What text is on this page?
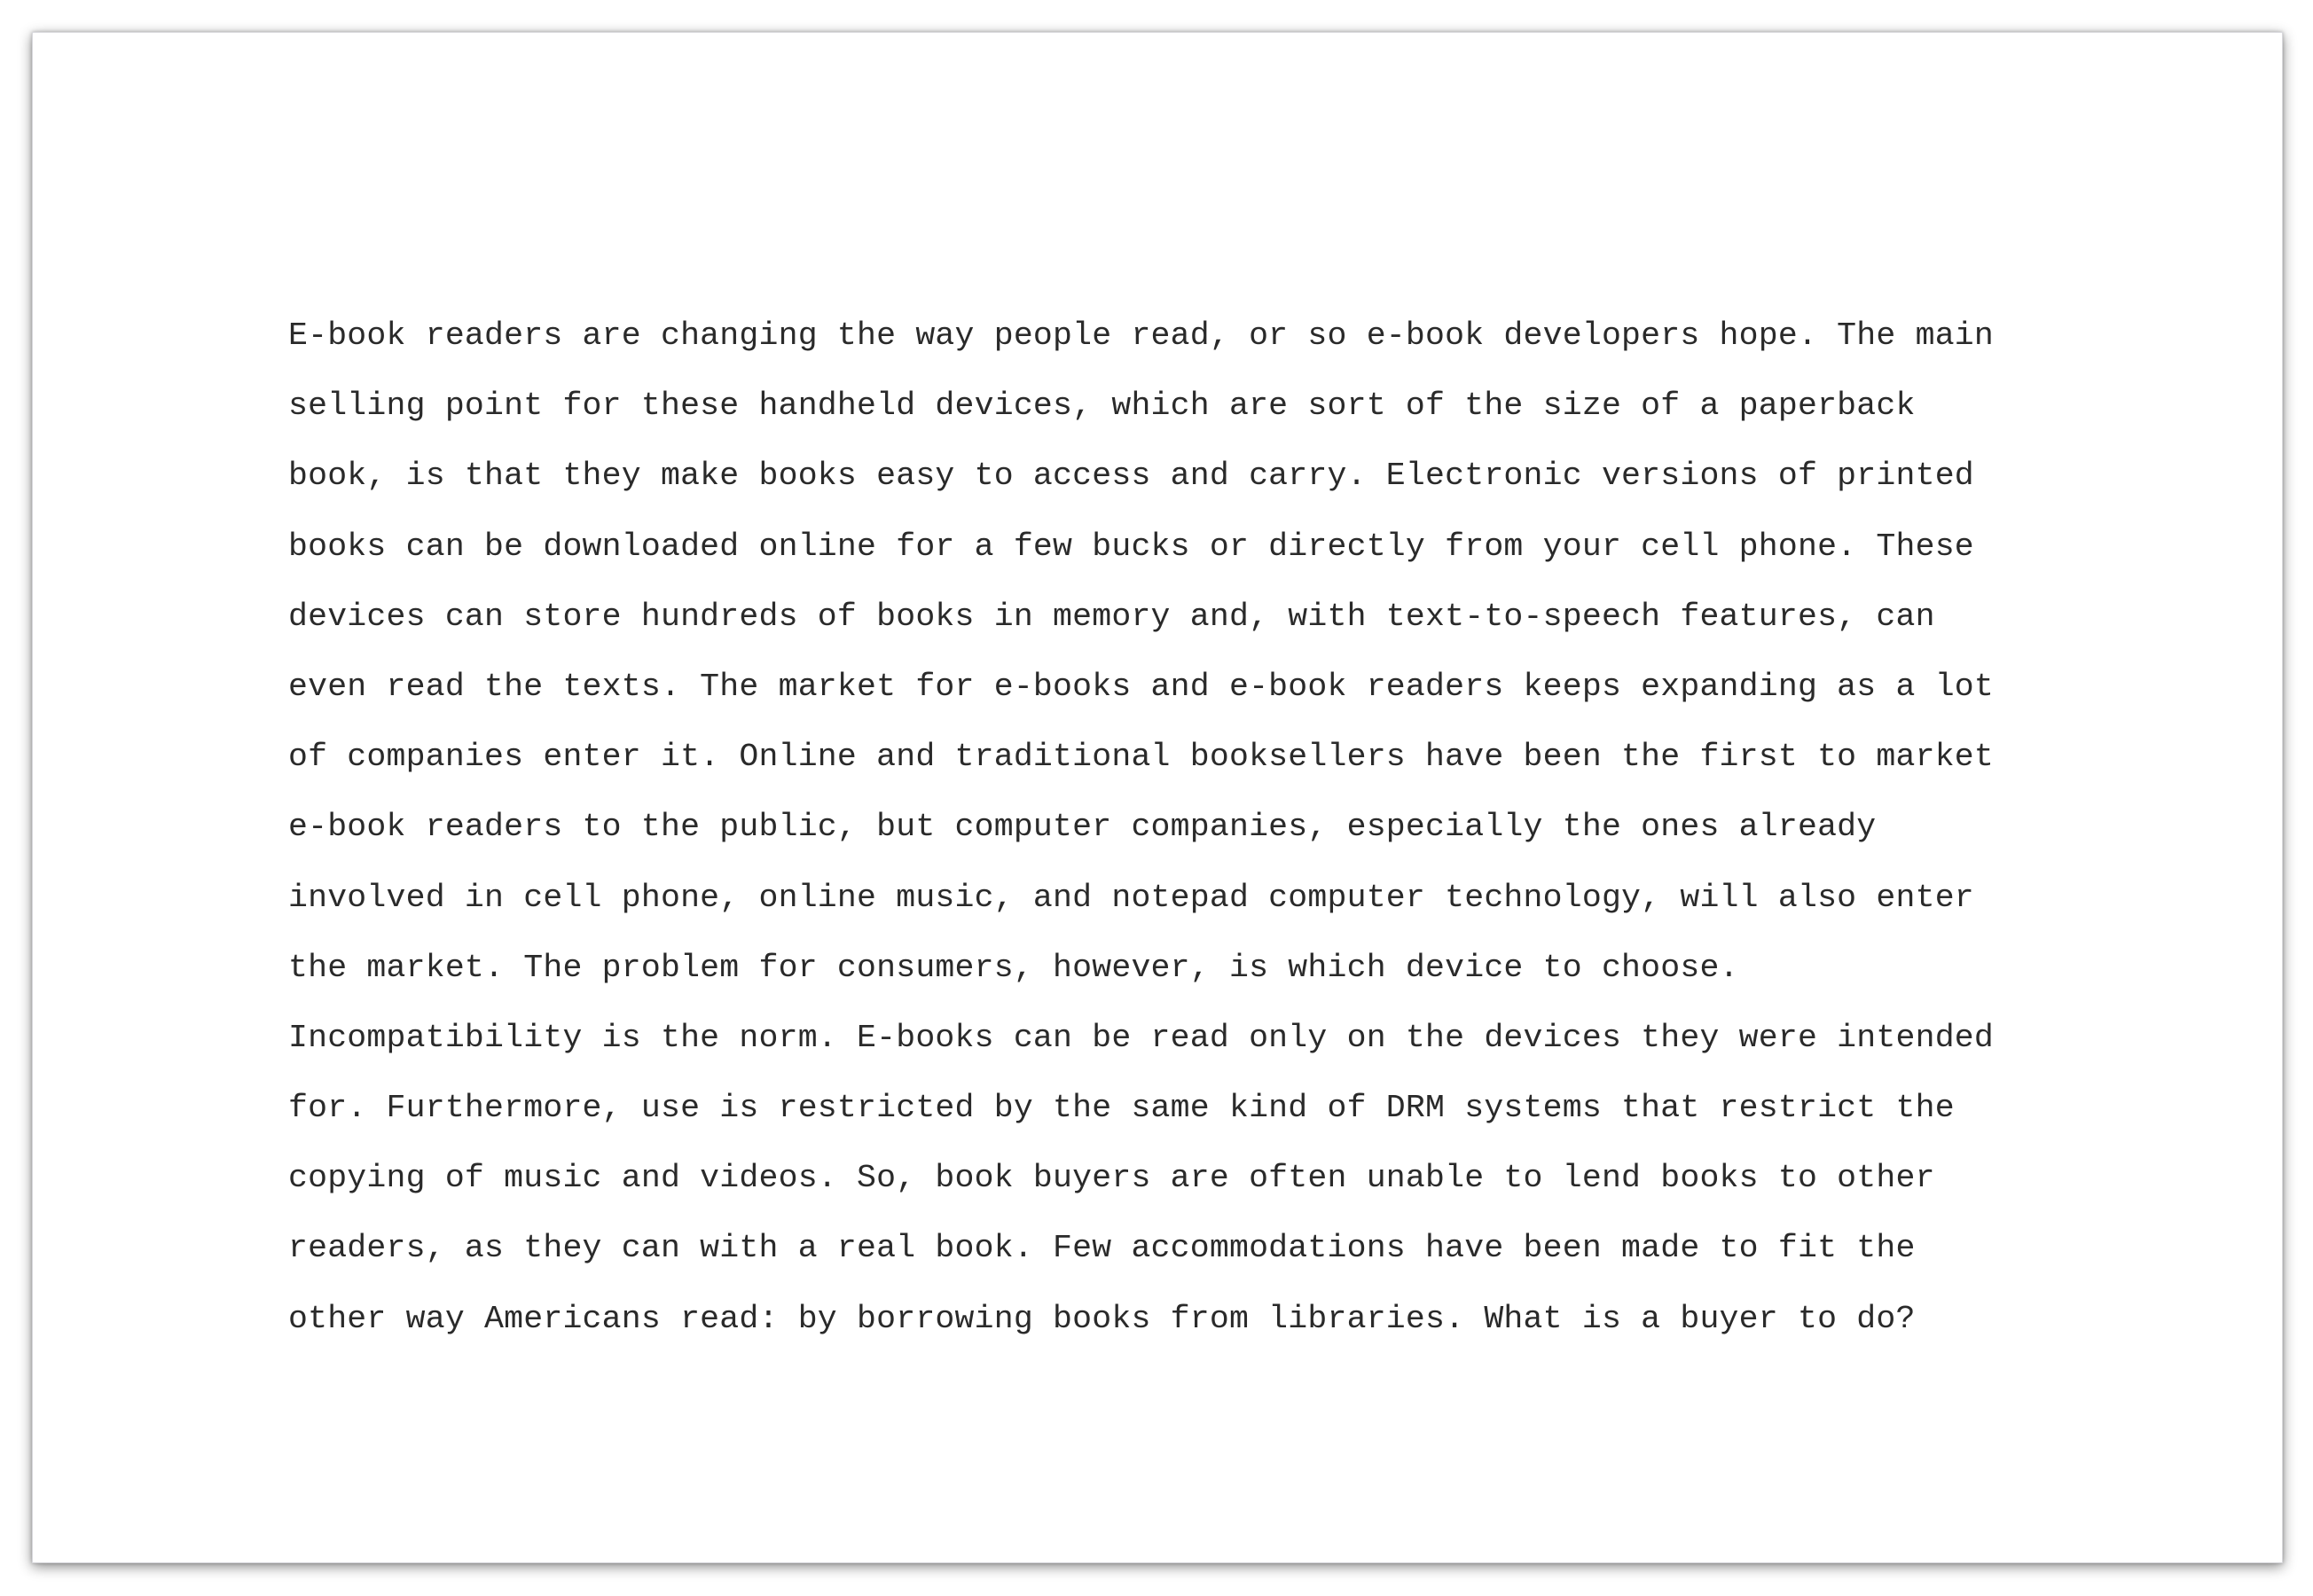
E-book readers are changing the way people read, or so e-book developers hope. The main
selling point for these handheld devices, which are sort of the size of a paperback
book, is that they make books easy to access and carry. Electronic versions of printed
books can be downloaded online for a few bucks or directly from your cell phone. These
devices can store hundreds of books in memory and, with text-to-speech features, can
even read the texts. The market for e-books and e-book readers keeps expanding as a lot
of companies enter it. Online and traditional booksellers have been the first to market
e-book readers to the public, but computer companies, especially the ones already
involved in cell phone, online music, and notepad computer technology, will also enter
the market. The problem for consumers, however, is which device to choose.
Incompatibility is the norm. E-books can be read only on the devices they were intended
for. Furthermore, use is restricted by the same kind of DRM systems that restrict the
copying of music and videos. So, book buyers are often unable to lend books to other
readers, as they can with a real book. Few accommodations have been made to fit the
other way Americans read: by borrowing books from libraries. What is a buyer to do?
